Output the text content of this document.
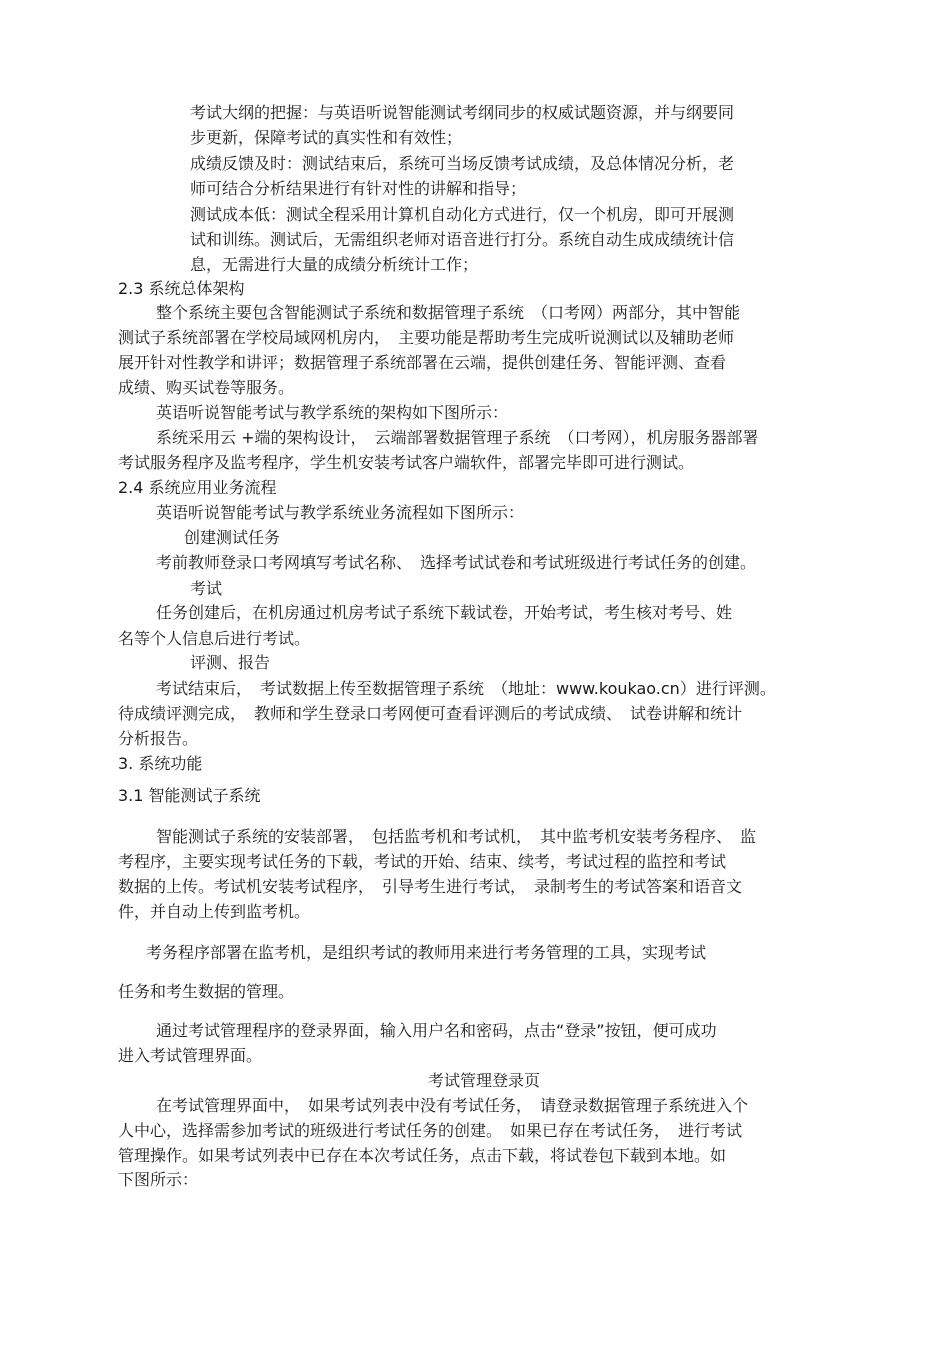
考试大纲的把握：与英语听说智能测试考纲同步的权威试题资源，并与纲要同
步更新，保障考试的真实性和有效性；
成绩反馈及时：测试结束后，系统可当场反馈考试成绩，及总体情况分析，老
师可结合分析结果进行有针对性的讲解和指导；
测试成本低：测试全程采用计算机自动化方式进行，仅一个机房，即可开展测
试和训练。测试后，无需组织老师对语音进行打分。系统自动生成成绩统计信
息，无需进行大量的成绩分析统计工作；
2.3 系统总体架构
整个系统主要包含智能测试子系统和数据管理子系统　（口考网）两部分，其中智能
测试子系统部署在学校局域网机房内，　主要功能是帮助考生完成听说测试以及辅助老师
展开针对性教学和讲评；数据管理子系统部署在云端，提供创建任务、智能评测、查看
成绩、购买试卷等服务。
英语听说智能考试与教学系统的架构如下图所示：
系统采用云 +端的架构设计，　云端部署数据管理子系统　（口考网），机房服务器部署
考试服务程序及监考程序，学生机安装考试客户端软件，部署完毕即可进行测试。
2.4 系统应用业务流程
英语听说智能考试与教学系统业务流程如下图所示：
创建测试任务
考前教师登录口考网填写考试名称、　选择考试试卷和考试班级进行考试任务的创建。
考试
任务创建后，在机房通过机房考试子系统下载试卷，开始考试，考生核对考号、姓
名等个人信息后进行考试。
评测、报告
考试结束后，　考试数据上传至数据管理子系统　（地址：www.koukao.cn）进行评测。
待成绩评测完成，　教师和学生登录口考网便可查看评测后的考试成绩、　试卷讲解和统计
分析报告。
3. 系统功能
3.1 智能测试子系统
智能测试子系统的安装部署，　包括监考机和考试机，　其中监考机安装考务程序、　监
考程序，主要实现考试任务的下载，考试的开始、结束、续考，考试过程的监控和考试
数据的上传。考试机安装考试程序，　引导考生进行考试，　录制考生的考试答案和语音文
件，并自动上传到监考机。
考务程序部署在监考机，是组织考试的教师用来进行考务管理的工具，实现考试
任务和考生数据的管理。
通过考试管理程序的登录界面，输入用户名和密码，点击“登录”按钮，便可成功
进入考试管理界面。
考试管理登录页
在考试管理界面中，　如果考试列表中没有考试任务，　请登录数据管理子系统进入个
人中心，选择需参加考试的班级进行考试任务的创建。　如果已存在考试任务，　进行考试
管理操作。如果考试列表中已存在本次考试任务，点击下载，将试卷包下载到本地。如
下图所示：
